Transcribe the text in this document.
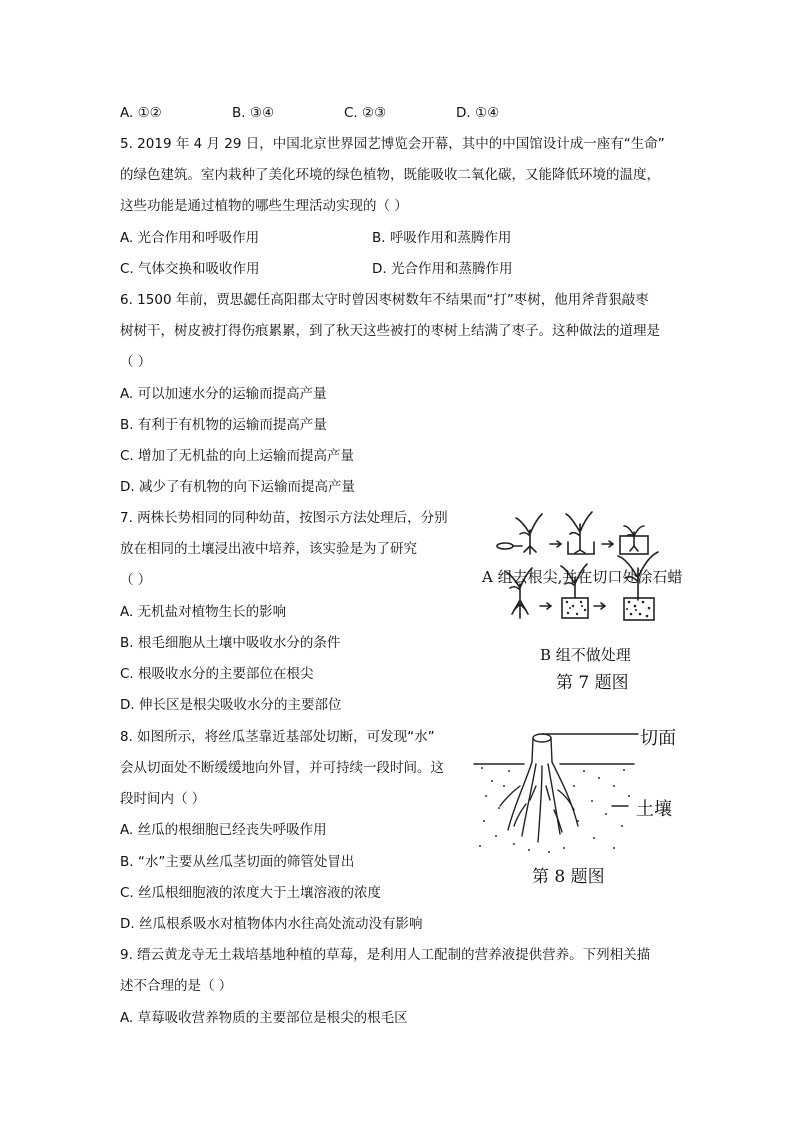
A. ①②	B. ③④	C. ②③	D. ①④
5. 2019 年 4 月 29 日，中国北京世界园艺博览会开幕，其中的中国馆设计成一座有“生命”
的绿色建筑。室内栽种了美化环境的绿色植物，既能吸收二氧化碳，又能降低环境的温度，
这些功能是通过植物的哪些生理活动实现的（ ）
A. 光合作用和呼吸作用	B. 呼吸作用和蒸腾作用
C. 气体交换和吸收作用	D. 光合作用和蒸腾作用
6. 1500 年前，贾思勰任高阳郡太守时曾因枣树数年不结果而“打”枣树，他用斧背狠敲枣
树树干，树皮被打得伤痕累累，到了秋天这些被打的枣树上结满了枣子。这种做法的道理是
（ ）
A. 可以加速水分的运输而提高产量
B. 有利于有机物的运输而提高产量
C. 增加了无机盐的向上运输而提高产量
D. 减少了有机物的向下运输而提高产量
7. 两株长势相同的同种幼苗，按图示方法处理后，分别
放在相同的土壤浸出液中培养，该实验是为了研究
（ ）
A. 无机盐对植物生长的影响
B. 根毛细胞从土壤中吸收水分的条件
C. 根吸收水分的主要部位在根尖
D. 伸长区是根尖吸收水分的主要部位
A 组去根尖,并在切口处涂石蜡
B 组不做处理
第 7 题图
8. 如图所示，将丝瓜茎靠近基部处切断，可发现“水”
会从切面处不断缓缓地向外冒，并可持续一段时间。这
段时间内（ ）
A. 丝瓜的根细胞已经丧失呼吸作用
B. “水”主要从丝瓜茎切面的筛管处冒出
C. 丝瓜根细胞液的浓度大于土壤溶液的浓度
D. 丝瓜根系吸水对植物体内水往高处流动没有影响
切面
土壤
第 8 题图
9. 缙云黄龙寺无土栽培基地种植的草莓，是利用人工配制的营养液提供营养。下列相关描
述不合理的是（ ）
A. 草莓吸收营养物质的主要部位是根尖的根毛区
